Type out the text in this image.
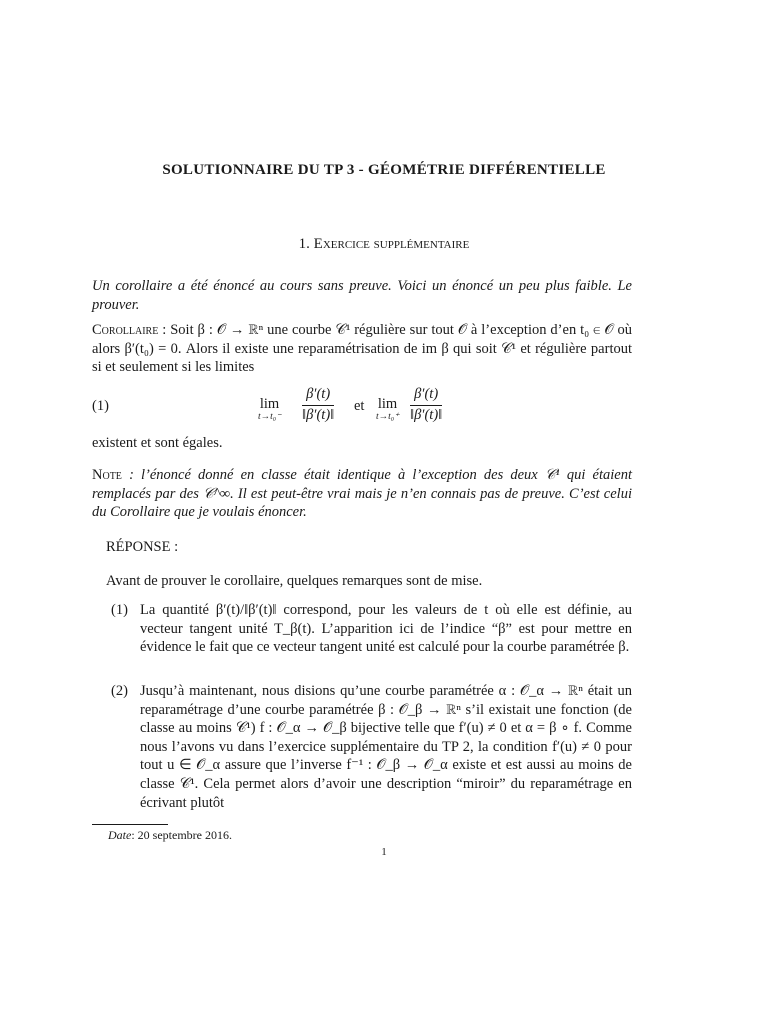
SOLUTIONNAIRE DU TP 3 - GÉOMÉTRIE DIFFÉRENTIELLE
1. Exercice supplémentaire
Un corollaire a été énoncé au cours sans preuve. Voici un énoncé un peu plus faible. Le prouver.
Corollaire : Soit β : 𝒪 → ℝⁿ une courbe 𝒞¹ régulière sur tout 𝒪 à l’exception d’en t₀ ∈ 𝒪 où alors β′(t₀) = 0. Alors il existe une reparamétrisation de im β qui soit 𝒞¹ et régulière partout si et seulement si les limites
(1)	lim
$t\to t_0^- \frac{\beta'(t)}{‖\beta'(t)‖}$ et lim
$t\to t_0^+ \frac{\beta'(t)}{‖\beta'(t)‖}$
existent et sont égales.
Note : l’énoncé donné en classe était identique à l’exception des deux 𝒞¹ qui étaient remplacés par des 𝒞^∞. Il est peut-être vrai mais je n’en connais pas de preuve. C’est celui du Corollaire que je voulais énoncer.
RÉPONSE :
Avant de prouver le corollaire, quelques remarques sont de mise.
(1) La quantité β′(t)/‖β′(t)‖ correspond, pour les valeurs de t où elle est définie, au vecteur tangent unité T_β(t). L’apparition ici de l’indice “β” est pour mettre en évidence le fait que ce vecteur tangent unité est calculé pour la courbe paramétrée β.
(2) Jusqu’à maintenant, nous disions qu’une courbe paramétrée α : 𝒪_α → ℝⁿ était un reparamétrage d’une courbe paramétrée β : 𝒪_β → ℝⁿ s’il existait une fonction (de classe au moins 𝒞¹) f : 𝒪_α → 𝒪_β bijective telle que f′(u) ≠ 0 et α = β ∘ f. Comme nous l’avons vu dans l’exercice supplémentaire du TP 2, la condition f′(u) ≠ 0 pour tout u ∈ 𝒪_α assure que l’inverse f⁻¹ : 𝒪_β → 𝒪_α existe et est aussi au moins de classe 𝒞¹. Cela permet alors d’avoir une description “miroir” du reparamétrage en écrivant plutôt
Date: 20 septembre 2016.
1
